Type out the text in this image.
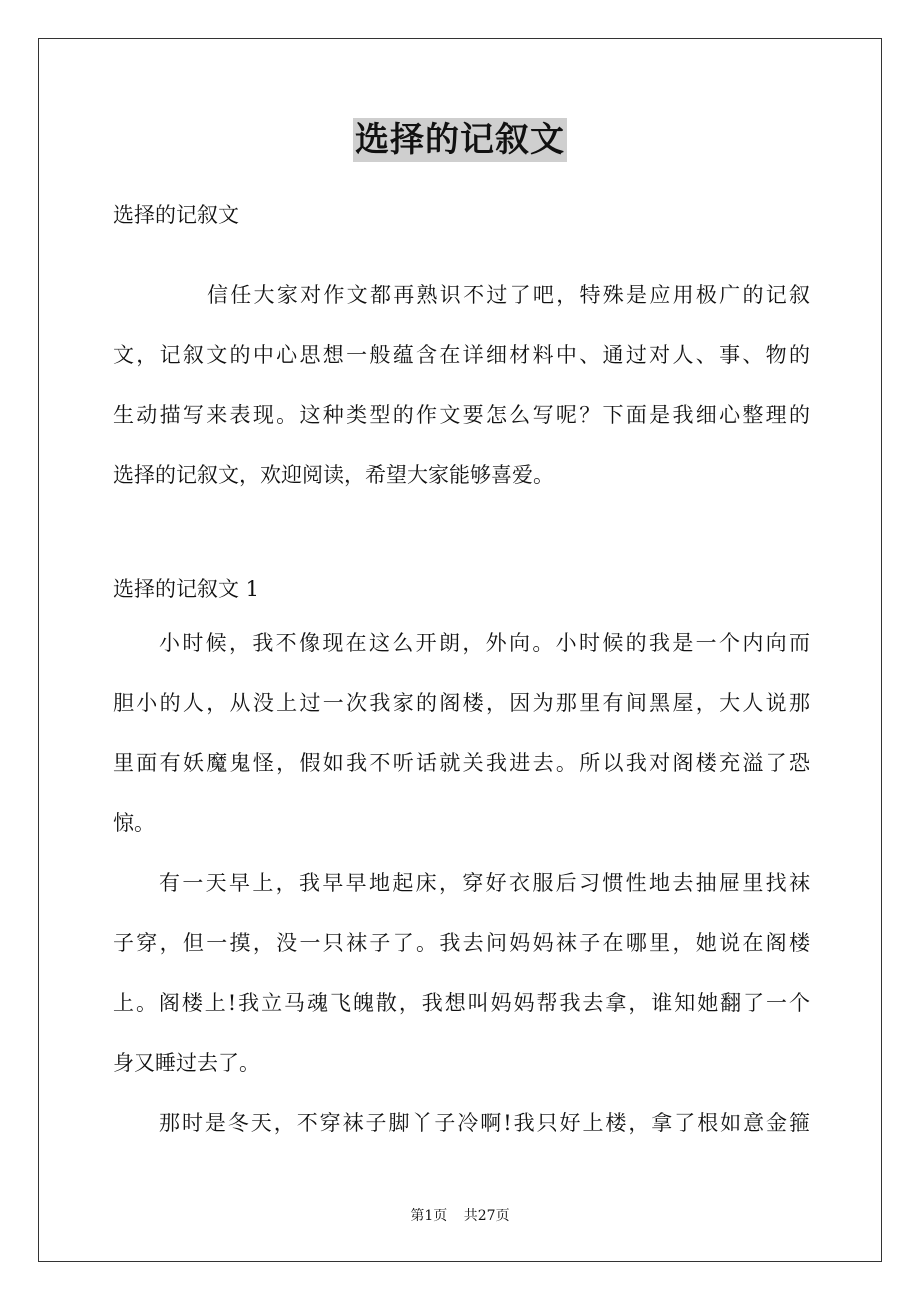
选择的记叙文
选择的记叙文
信任大家对作文都再熟识不过了吧，特殊是应用极广的记叙
文，记叙文的中心思想一般蕴含在详细材料中、通过对人、事、物的
生动描写来表现。这种类型的作文要怎么写呢？下面是我细心整理的
选择的记叙文，欢迎阅读，希望大家能够喜爱。
选择的记叙文 1
小时候，我不像现在这么开朗，外向。小时候的我是一个内向而
胆小的人，从没上过一次我家的阁楼，因为那里有间黑屋，大人说那
里面有妖魔鬼怪，假如我不听话就关我进去。所以我对阁楼充溢了恐
惊。
有一天早上，我早早地起床，穿好衣服后习惯性地去抽屉里找袜
子穿，但一摸，没一只袜子了。我去问妈妈袜子在哪里，她说在阁楼
上。阁楼上!我立马魂飞魄散，我想叫妈妈帮我去拿，谁知她翻了一个
身又睡过去了。
那时是冬天，不穿袜子脚丫子冷啊!我只好上楼，拿了根如意金箍
第1页 共27页
